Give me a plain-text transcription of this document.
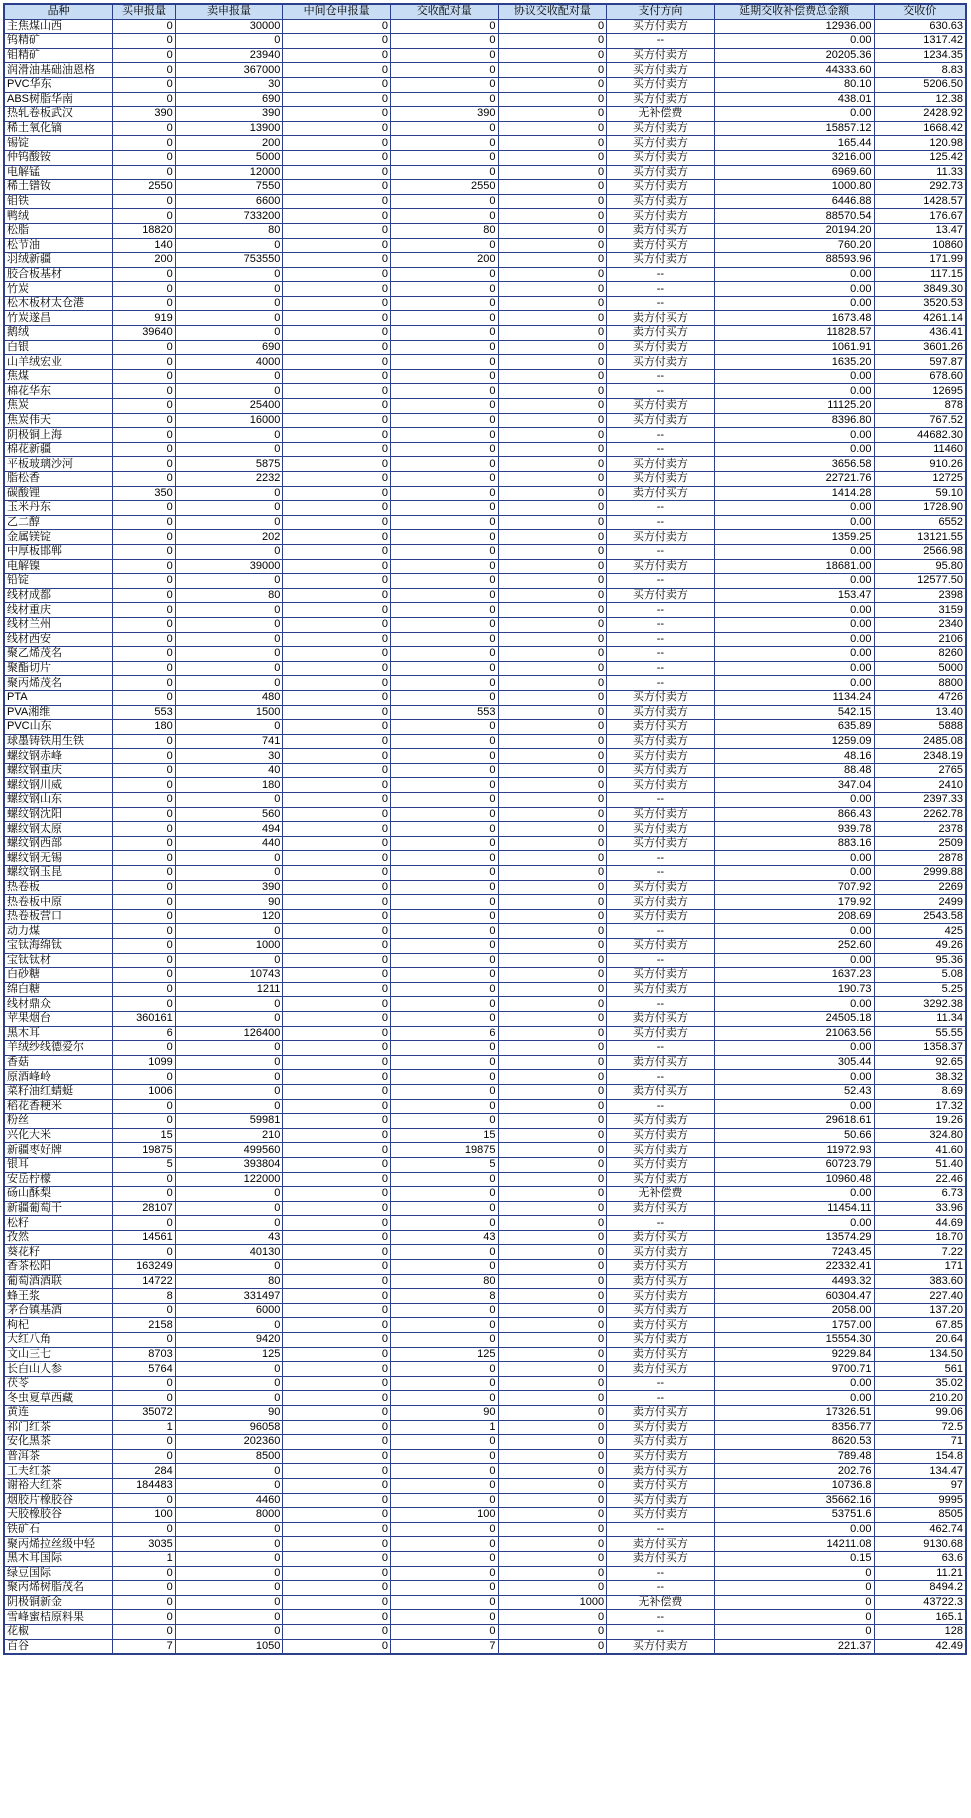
品种	买申报量	卖申报量	中间仓申报量	交收配对量	协议交收配对量	支付方向	延期交收补偿费总金额	交收价
主焦煤山西	0	30000	0	0	0	买方付卖方	12936.00	630.63
钨精矿	0	0	0	0	0	--	0.00	1317.42
钼精矿	0	23940	0	0	0	买方付卖方	20205.36	1234.35
润滑油基础油恩格	0	367000	0	0	0	买方付卖方	44333.60	8.83
PVC华东	0	30	0	0	0	买方付卖方	80.10	5206.50
ABS树脂华南	0	690	0	0	0	买方付卖方	438.01	12.38
热轧卷板武汉	390	390	0	390	0	无补偿费	0.00	2428.92
稀土氧化镝	0	13900	0	0	0	买方付卖方	15857.12	1668.42
锡锭	0	200	0	0	0	买方付卖方	165.44	120.98
仲钨酸铵	0	5000	0	0	0	买方付卖方	3216.00	125.42
电解锰	0	12000	0	0	0	买方付卖方	6969.60	11.33
稀土镨钕	2550	7550	0	2550	0	买方付卖方	1000.80	292.73
钼铁	0	6600	0	0	0	买方付卖方	6446.88	1428.57
鸭绒	0	733200	0	0	0	买方付卖方	88570.54	176.67
松脂	18820	80	0	80	0	卖方付买方	20194.20	13.47
松节油	140	0	0	0	0	卖方付买方	760.20	10860
羽绒新疆	200	753550	0	200	0	买方付卖方	88593.96	171.99
胶合板基材	0	0	0	0	0	--	0.00	117.15
竹炭	0	0	0	0	0	--	0.00	3849.30
松木板材太仓港	0	0	0	0	0	--	0.00	3520.53
竹炭遂昌	919	0	0	0	0	卖方付买方	1673.48	4261.14
鹅绒	39640	0	0	0	0	卖方付买方	11828.57	436.41
白银	0	690	0	0	0	买方付卖方	1061.91	3601.26
山羊绒宏业	0	4000	0	0	0	买方付卖方	1635.20	597.87
焦煤	0	0	0	0	0	--	0.00	678.60
棉花华东	0	0	0	0	0	--	0.00	12695
焦炭	0	25400	0	0	0	买方付卖方	11125.20	878
焦炭伟天	0	16000	0	0	0	买方付卖方	8396.80	767.52
阴极铜上海	0	0	0	0	0	--	0.00	44682.30
棉花新疆	0	0	0	0	0	--	0.00	11460
平板玻璃沙河	0	5875	0	0	0	买方付卖方	3656.58	910.26
脂松香	0	2232	0	0	0	买方付卖方	22721.76	12725
碳酸锂	350	0	0	0	0	卖方付买方	1414.28	59.10
玉米丹东	0	0	0	0	0	--	0.00	1728.90
乙二醇	0	0	0	0	0	--	0.00	6552
金属镁锭	0	202	0	0	0	买方付卖方	1359.25	13121.55
中厚板邯郸	0	0	0	0	0	--	0.00	2566.98
电解镍	0	39000	0	0	0	买方付卖方	18681.00	95.80
铅锭	0	0	0	0	0	--	0.00	12577.50
线材成都	0	80	0	0	0	买方付卖方	153.47	2398
线材重庆	0	0	0	0	0	--	0.00	3159
线材兰州	0	0	0	0	0	--	0.00	2340
线材西安	0	0	0	0	0	--	0.00	2106
聚乙烯茂名	0	0	0	0	0	--	0.00	8260
聚酯切片	0	0	0	0	0	--	0.00	5000
聚丙烯茂名	0	0	0	0	0	--	0.00	8800
PTA	0	480	0	0	0	买方付卖方	1134.24	4726
PVA湘维	553	1500	0	553	0	买方付卖方	542.15	13.40
PVC山东	180	0	0	0	0	卖方付买方	635.89	5888
球墨铸铁用生铁	0	741	0	0	0	买方付卖方	1259.09	2485.08
螺纹钢赤峰	0	30	0	0	0	买方付卖方	48.16	2348.19
螺纹钢重庆	0	40	0	0	0	买方付卖方	88.48	2765
螺纹钢川威	0	180	0	0	0	买方付卖方	347.04	2410
螺纹钢山东	0	0	0	0	0	--	0.00	2397.33
螺纹钢沈阳	0	560	0	0	0	买方付卖方	866.43	2262.78
螺纹钢太原	0	494	0	0	0	买方付卖方	939.78	2378
螺纹钢西部	0	440	0	0	0	买方付卖方	883.16	2509
螺纹钢无锡	0	0	0	0	0	--	0.00	2878
螺纹钢玉昆	0	0	0	0	0	--	0.00	2999.88
热卷板	0	390	0	0	0	买方付卖方	707.92	2269
热卷板中原	0	90	0	0	0	买方付卖方	179.92	2499
热卷板营口	0	120	0	0	0	买方付卖方	208.69	2543.58
动力煤	0	0	0	0	0	--	0.00	425
宝钛海绵钛	0	1000	0	0	0	买方付卖方	252.60	49.26
宝钛钛材	0	0	0	0	0	--	0.00	95.36
白砂糖	0	10743	0	0	0	买方付卖方	1637.23	5.08
绵白糖	0	1211	0	0	0	买方付卖方	190.73	5.25
线材鼎众	0	0	0	0	0	--	0.00	3292.38
苹果烟台	360161	0	0	0	0	卖方付买方	24505.18	11.34
黑木耳	6	126400	0	6	0	买方付卖方	21063.56	55.55
羊绒纱线德爱尔	0	0	0	0	0	--	0.00	1358.37
香菇	1099	0	0	0	0	卖方付买方	305.44	92.65
原酒峰岭	0	0	0	0	0	--	0.00	38.32
菜籽油红蜻蜓	1006	0	0	0	0	卖方付买方	52.43	8.69
稻花香粳米	0	0	0	0	0	--	0.00	17.32
粉丝	0	59981	0	0	0	买方付卖方	29618.61	19.26
兴化大米	15	210	0	15	0	买方付卖方	50.66	324.80
新疆枣好牌	19875	499560	0	19875	0	买方付卖方	11972.93	41.60
银耳	5	393804	0	5	0	买方付卖方	60723.79	51.40
安岳柠檬	0	122000	0	0	0	买方付卖方	10960.48	22.46
砀山酥梨	0	0	0	0	0	无补偿费	0.00	6.73
新疆葡萄干	28107	0	0	0	0	卖方付买方	11454.11	33.96
松籽	0	0	0	0	0	--	0.00	44.69
孜然	14561	43	0	43	0	卖方付买方	13574.29	18.70
葵花籽	0	40130	0	0	0	买方付卖方	7243.45	7.22
香茶松阳	163249	0	0	0	0	卖方付买方	22332.41	171
葡萄酒酒联	14722	80	0	80	0	卖方付买方	4493.32	383.60
蜂王浆	8	331497	0	8	0	买方付卖方	60304.47	227.40
茅台镇基酒	0	6000	0	0	0	买方付卖方	2058.00	137.20
枸杞	2158	0	0	0	0	卖方付买方	1757.00	67.85
大红八角	0	9420	0	0	0	买方付卖方	15554.30	20.64
文山三七	8703	125	0	125	0	卖方付买方	9229.84	134.50
长白山人参	5764	0	0	0	0	卖方付买方	9700.71	561
茯苓	0	0	0	0	0	--	0.00	35.02
冬虫夏草西藏	0	0	0	0	0	--	0.00	210.20
黄连	35072	90	0	90	0	卖方付买方	17326.51	99.06
祁门红茶	1	96058	0	1	0	买方付卖方	8356.77	72.5
安化黑茶	0	202360	0	0	0	买方付卖方	8620.53	71
普洱茶	0	8500	0	0	0	买方付卖方	789.48	154.8
工夫红茶	284	0	0	0	0	卖方付买方	202.76	134.47
谢裕大红茶	184483	0	0	0	0	卖方付买方	10736.8	97
烟胶片橡胶谷	0	4460	0	0	0	买方付卖方	35662.16	9995
天胶橡胶谷	100	8000	0	100	0	买方付卖方	53751.6	8505
铁矿石	0	0	0	0	0	--	0.00	462.74
聚丙烯拉丝级中轻	3035	0	0	0	0	卖方付买方	14211.08	9130.68
黑木耳国际	1	0	0	0	0	卖方付买方	0.15	63.6
绿豆国际	0	0	0	0	0	--	0	11.21
聚丙烯树脂茂名	0	0	0	0	0	--	0	8494.2
阴极铜新金	0	0	0	0	1000	无补偿费	0	43722.3
雪峰蜜桔原料果	0	0	0	0	0	--	0	165.1
花椒	0	0	0	0	0	--	0	128
百谷	7	1050	0	7	0	买方付卖方	221.37	42.49
